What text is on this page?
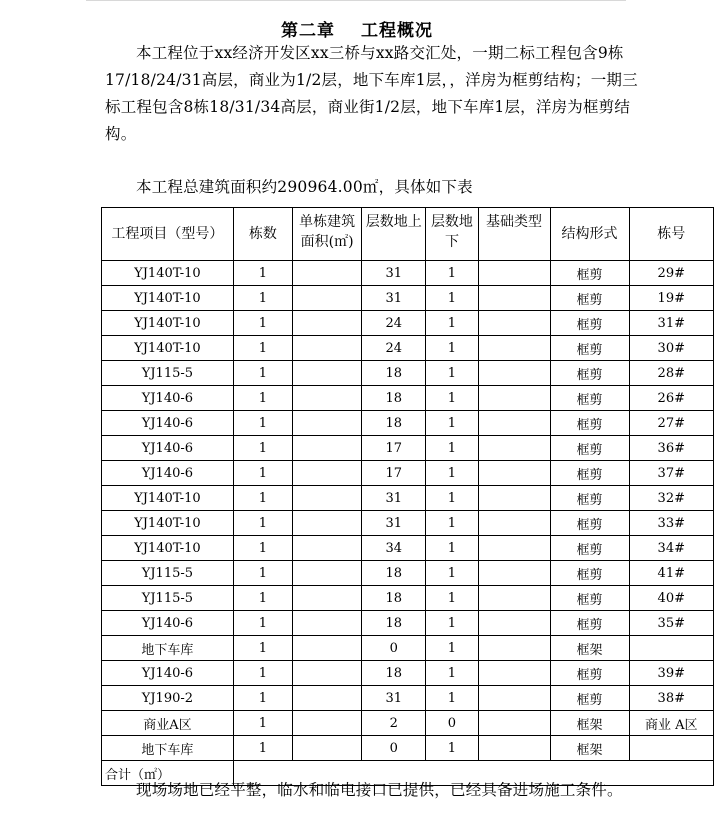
第二章 工程概况
本工程位于xx经济开发区xx三桥与xx路交汇处，一期二标工程包含9栋17/18/24/31高层，商业为1/2层，地下车库1层，，洋房为框剪结构；一期三标工程包含8栋18/31/34高层，商业街1/2层，地下车库1层，洋房为框剪结构。
本工程总建筑面积约290964.00㎡，具体如下表
工程项目（型号）	栋数	单栋建筑面积(㎡)	层数地上	层数地下	基础类型	结构形式	栋号
YJ140T-10	1		31	1		框剪	29#
YJ140T-10	1		31	1		框剪	19#
YJ140T-10	1		24	1		框剪	31#
YJ140T-10	1		24	1		框剪	30#
YJ115-5	1		18	1		框剪	28#
YJ140-6	1		18	1		框剪	26#
YJ140-6	1		18	1		框剪	27#
YJ140-6	1		17	1		框剪	36#
YJ140-6	1		17	1		框剪	37#
YJ140T-10	1		31	1		框剪	32#
YJ140T-10	1		31	1		框剪	33#
YJ140T-10	1		34	1		框剪	34#
YJ115-5	1		18	1		框剪	41#
YJ115-5	1		18	1		框剪	40#
YJ140-6	1		18	1		框剪	35#
地下车库	1		0	1		框架	
YJ140-6	1		18	1		框剪	39#
YJ190-2	1		31	1		框剪	38#
商业A区	1		2	0		框架	商业 A区
地下车库	1		0	1		框架	
合计（㎡）							
现场场地已经平整，临水和临电接口已提供，已经具备进场施工条件。
